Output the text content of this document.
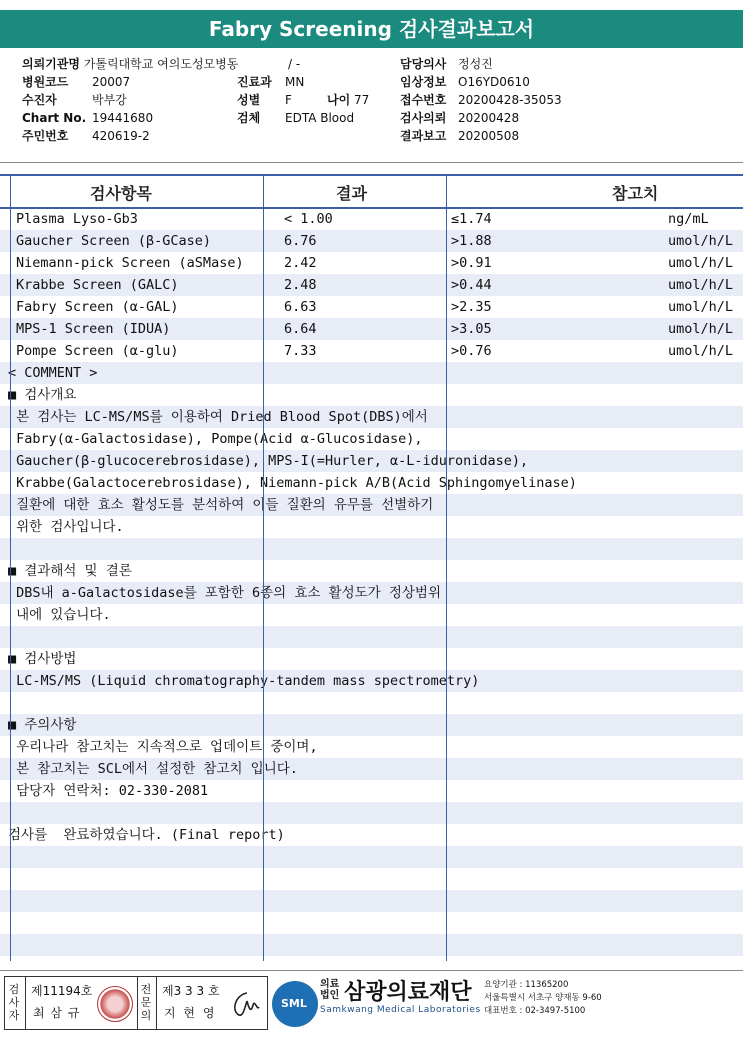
Fabry Screening 검사결과보고서
의뢰기관명 가톨릭대학교 여의도성모병동
병원코드 20007
수진자	박부강
Chart No. 19441680
주민번호 420619-2
/ -
진료과 MN
성별 F	나이 77
검체 EDTA Blood
담당의사 정성진
임상정보 O16YD0610
접수번호 20200428-35053
검사의뢰 20200428
결과보고 20200508
Plasma Lyso-Gb3	< 1.00	≤1.74	ng/mL
Gaucher Screen (β-GCase)	6.76	>1.88	umol/h/L
Niemann-pick Screen (aSMase)	2.42	>0.91	umol/h/L
Krabbe Screen (GALC)	2.48	>0.44	umol/h/L
Fabry Screen (α-GAL)	6.63	>2.35	umol/h/L
MPS-1 Screen (IDUA)	6.64	>3.05	umol/h/L
Pompe Screen (α-glu)	7.33	>0.76	umol/h/L
< COMMENT >
■ 검사개요
본 검사는 LC-MS/MS를 이용하여 Dried Blood Spot(DBS)에서
Fabry(α-Galactosidase), Pompe(Acid α-Glucosidase),
Gaucher(β-glucocerebrosidase), MPS-I(=Hurler, α-L-iduronidase),
Krabbe(Galactocerebrosidase), Niemann-pick A/B(Acid Sphingomyelinase)
질환에 대한 효소 활성도를 분석하여 이들 질환의 유무를 선별하기
위한 검사입니다.
■ 결과해석 및 결론
DBS내 a-Galactosidase를 포함한 6종의 효소 활성도가 정상범위
내에 있습니다.
■ 검사방법
LC-MS/MS (Liquid chromatography-tandem mass spectrometry)
■ 주의사항
우리나라 참고치는 지속적으로 업데이트 중이며,
본 참고치는 SCL에서 설정한 참고치 입니다.
담당자 연락처: 02-330-2081
검사를  완료하였습니다. (Final report)
검사항목	결과	참고치
검사자
제11194호
최 삼 규
전문의
제3 3 3 호
지 현 영
SML
의료법인 삼광의료재단
Samkwang Medical Laboratories
요양기관 : 11365200
서울특별시 서초구 양재동 9-60
대표번호 : 02-3497-5100
